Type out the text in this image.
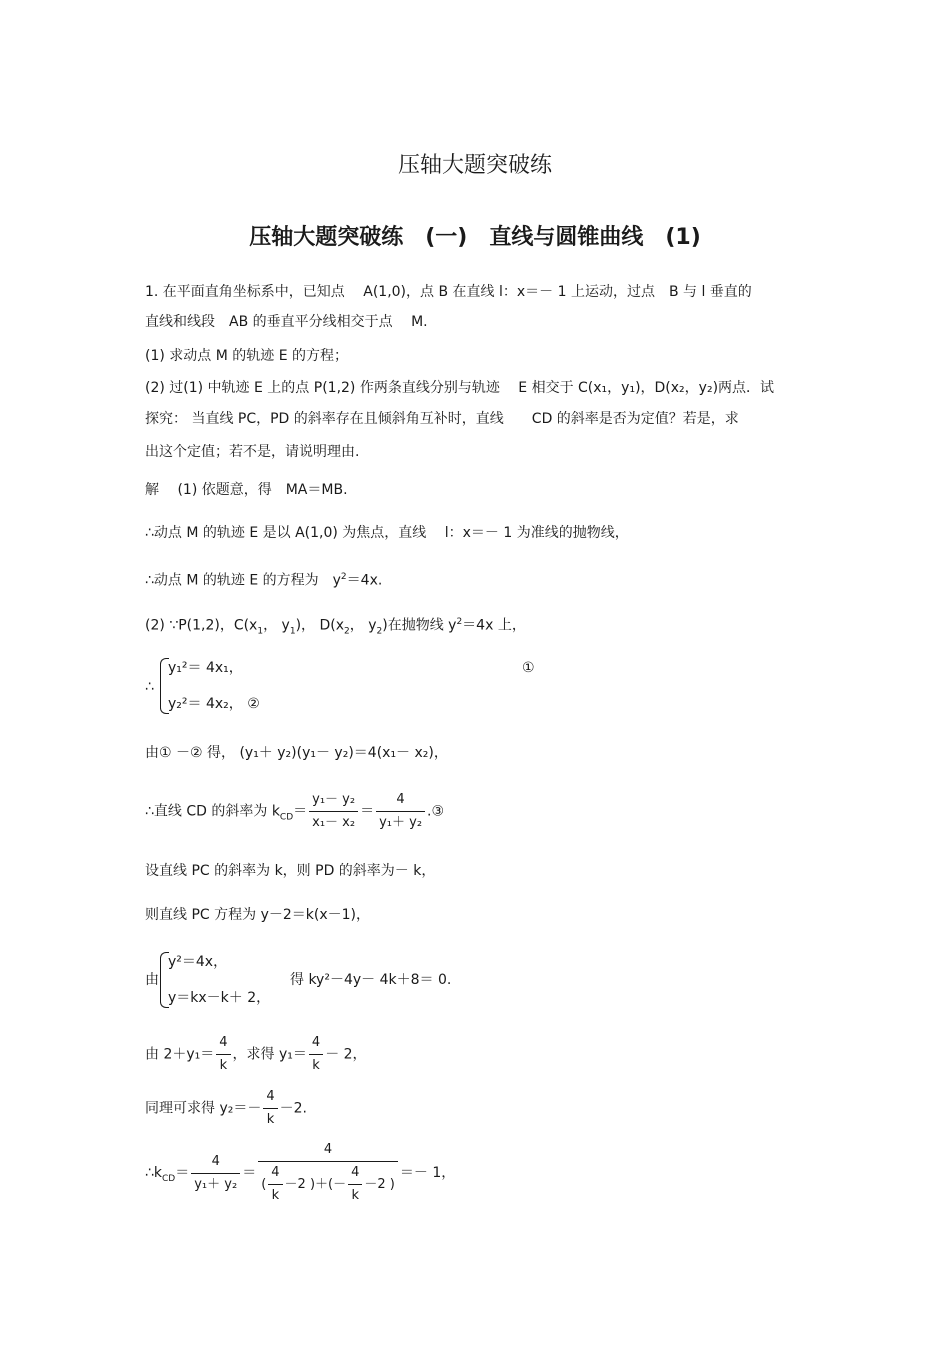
压轴大题突破练
压轴大题突破练　(一)　直线与圆锥曲线　(1)
1. 在平面直角坐标系中，已知点　 A(1,0)，点 B 在直线 l：x＝－ 1 上运动，过点　B 与 l 垂直的
直线和线段　AB 的垂直平分线相交于点　 M.
(1) 求动点 M 的轨迹 E 的方程；
(2) 过(1) 中轨迹 E 上的点 P(1,2) 作两条直线分别与轨迹　 E 相交于 C(x₁，y₁)，D(x₂，y₂)两点．试
探究： 当直线 PC，PD 的斜率存在且倾斜角互补时，直线　　CD 的斜率是否为定值？若是，求
出这个定值；若不是，请说明理由.
解　 (1) 依题意，得　MA＝MB.
∴动点 M 的轨迹 E 是以 A(1,0) 为焦点，直线　 l：x＝－ 1 为准线的抛物线，
∴动点 M 的轨迹 E 的方程为　$y^2=4x$.
(2) ∵P(1,2)，$C(x_1$， $y_1$)， $D(x_2$， $y_2$)在抛物线 $y^2=4x$ 上，
∴
y₁²＝ 4x₁，	①
y₂²＝ 4x₂， ②
由① －② 得， (y₁＋ y₂)(y₁－ y₂)＝4(x₁－ x₂)，
∴直线 CD 的斜率为 $k_{CD}= \frac{\text{y₁－ y₂}}{\text{x₁－ x₂}} = \frac{4}{\text{y₁＋ y₂}}$ .③
设直线 PC 的斜率为 k，则 PD 的斜率为－ k，
则直线 PC 方程为 y－2＝k(x－1)，
由
y²＝4x，
y＝kx－k＋ 2，
得 ky²－4y－ 4k＋8＝ 0.
由 $2+y_1= \frac{4}{k}$ ，求得 $y_1= \frac{4}{k} - 2$，
同理可求得 $y_2=- \frac{4}{k} -2$.
$\therefore k_{CD}= \frac{4}{\text{y₁＋ y₂}} = \frac{4}{( \frac{4}{k} -2 )+(- \frac{4}{k} -2 )} =- 1$，
